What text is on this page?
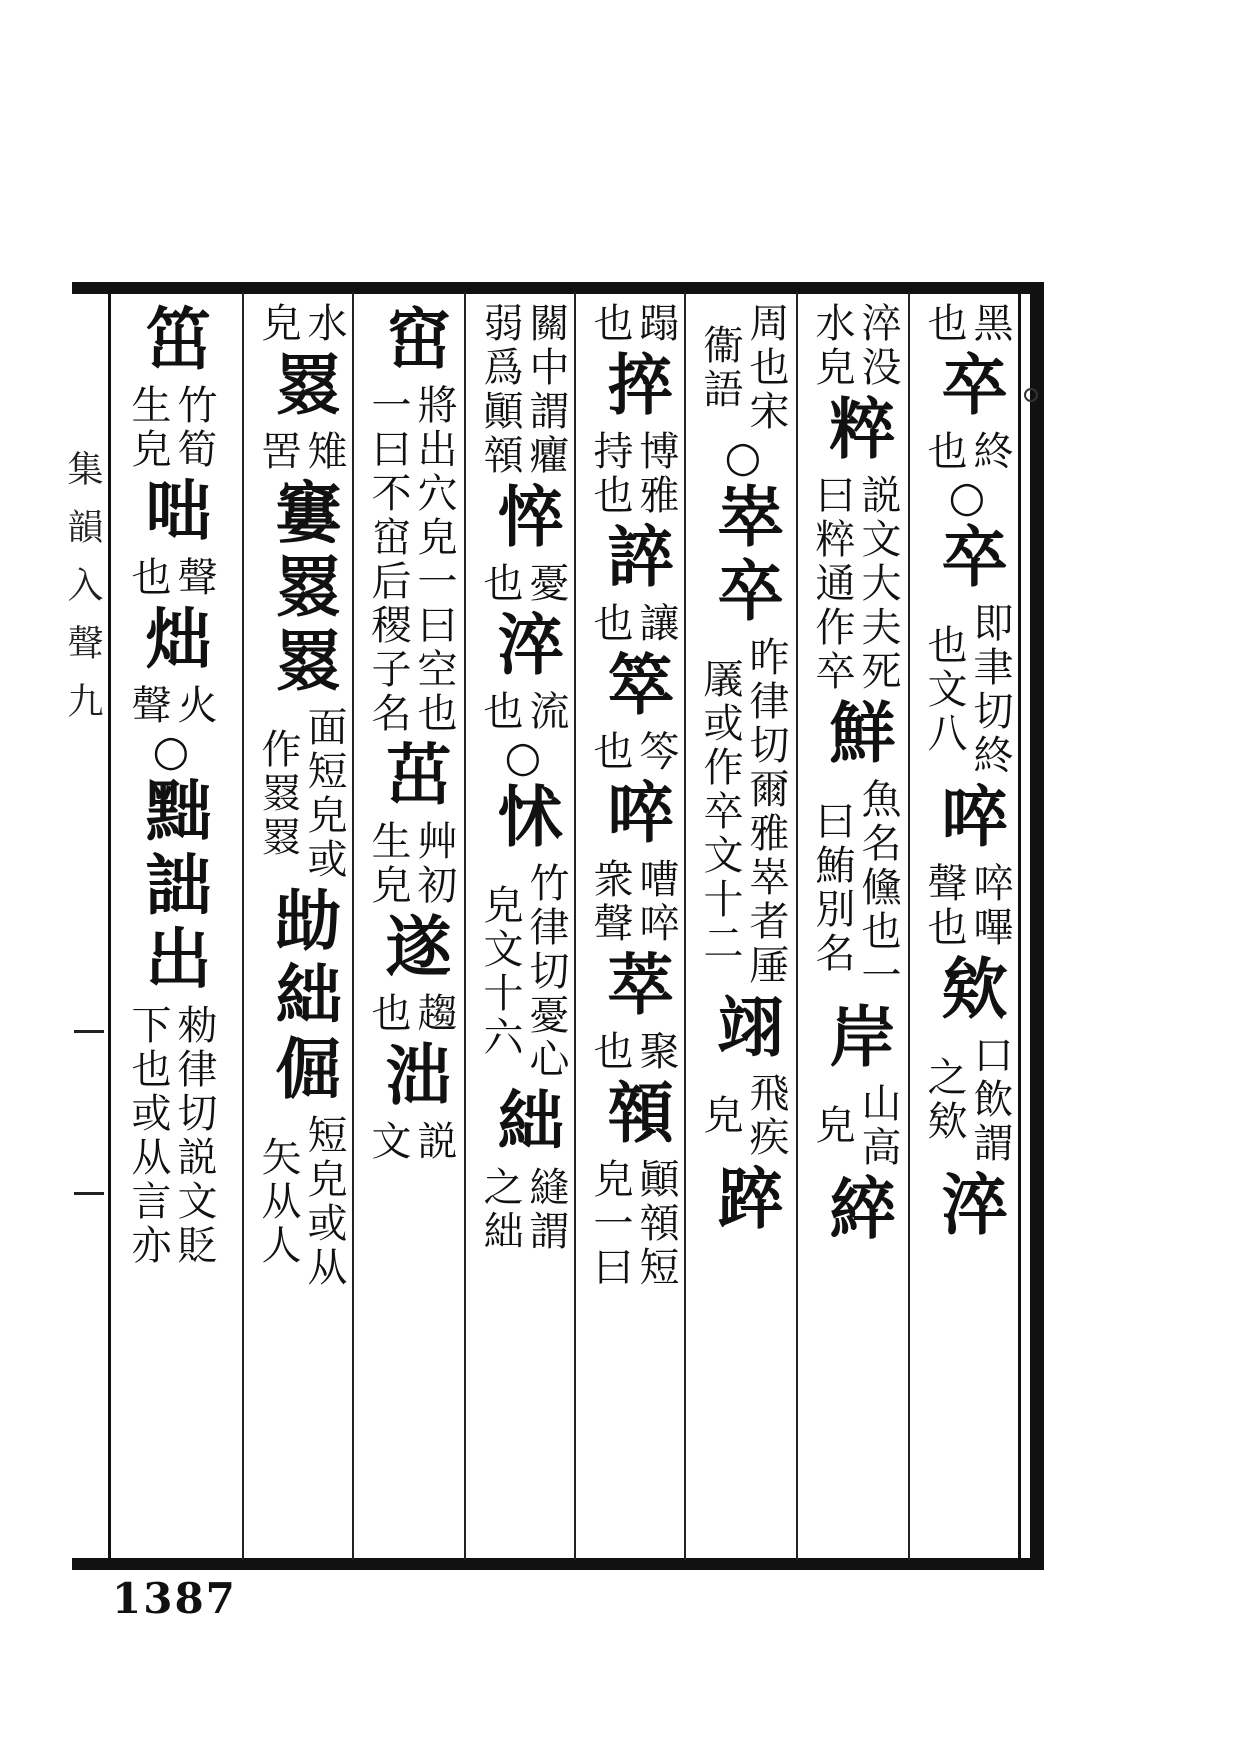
集韻入聲九
黑
也
卒
終
也
○
卒
即聿切終
也文八
啐
啐嗶
聲也
欸
口飲謂
之欸
淬
淬没
水皃
粹
説文大夫死
曰粹通作卒
鮮
魚名儵也一
曰鮪別名
岸
山高
皃
綷
周也宋
衞語
○
崒卒
昨律切爾雅崒者厜
㕒或作卒文十二
翊
飛疾
皃
踤
蹋
也
捽
博雅
持也
誶
讓
也
箤
笒
也
啐
嘈啐
衆聲
萃
聚
也
顇
顚顇短
皃一曰
關中謂癯
弱爲顚顇
悴
憂
也
淬
流
也
○
怵
竹律切憂心
皃文十六
絀
縫謂
之絀
窋
將出穴皃一曰空也
一曰不窋后稷子名
茁
艸初
生皃
遂
趨
也
泏
説
文
水
皃
罬
雉
罟
窶罬罬
面短皃或
作罬罬
㔘絀倔
短皃或从
矢从人
笜
竹筍
生皃
咄
聲
也
炪
火
聲
○
黜詘出
勑律切説文貶
下也或从言亦
1387
